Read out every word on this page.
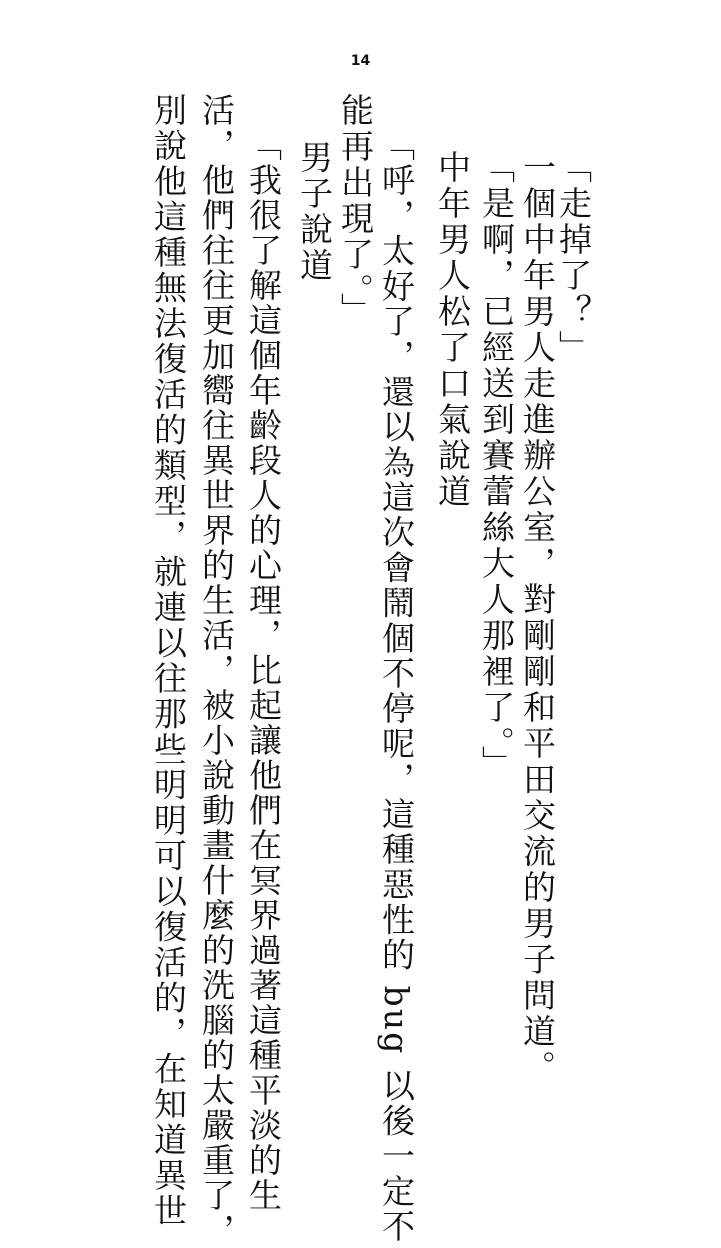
14
「走掉了？」
一個中年男人走進辦公室，對剛剛和平田交流的男子問道。
「是啊，已經送到賽蕾絲大人那裡了。」
中年男人松了口氣說道
「呼，太好了，還以為這次會鬧個不停呢，這種惡性的 bug 以後一定不
能再出現了。」
男子說道
「我很了解這個年齡段人的心理，比起讓他們在冥界過著這種平淡的生
活，他們往往更加嚮往異世界的生活，被小說動畫什麼的洗腦的太嚴重了，
別說他這種無法復活的類型，就連以往那些明明可以復活的，在知道異世
